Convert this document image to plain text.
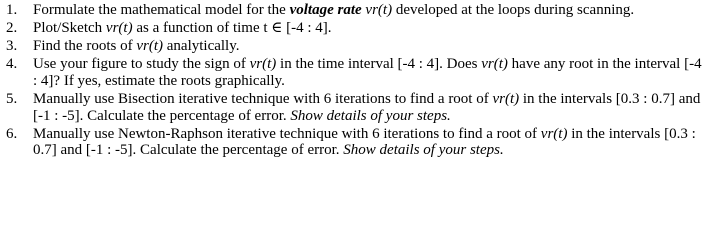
1. Formulate the mathematical model for the voltage rate vr(t) developed at the loops during scanning.
2. Plot/Sketch vr(t) as a function of time t ∈ [-4 : 4].
3. Find the roots of vr(t) analytically.
4. Use your figure to study the sign of vr(t) in the time interval [-4 : 4]. Does vr(t) have any root in the interval [-4 : 4]? If yes, estimate the roots graphically.
5. Manually use Bisection iterative technique with 6 iterations to find a root of vr(t) in the intervals [0.3 : 0.7] and [-1 : -5]. Calculate the percentage of error. Show details of your steps.
6. Manually use Newton-Raphson iterative technique with 6 iterations to find a root of vr(t) in the intervals [0.3 : 0.7] and [-1 : -5]. Calculate the percentage of error. Show details of your steps.
